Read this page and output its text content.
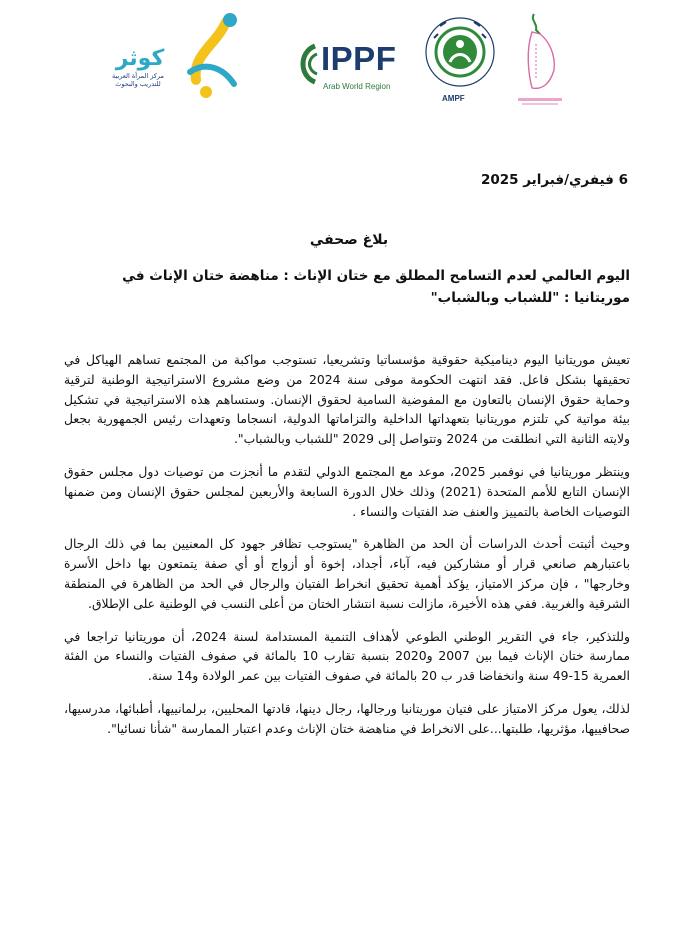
كوثر
مركز المرأة العربية
للتدريب والبحوث
IPPF
Arab World Region
AMPF
6 فيفري/فبراير 2025
بلاغ صحفي
اليوم العالمي لعدم التسامح المطلق مع ختان الإناث : مناهضة ختان الإناث في موريتانيا : "للشباب وبالشباب"

تعيش موريتانيا اليوم ديناميكية حقوقية مؤسساتيا وتشريعيا، تستوجب مواكبة من المجتمع تساهم الهياكل في تحقيقها بشكل فاعل. فقد انتهت الحكومة موفى سنة 2024 من وضع مشروع الاستراتيجية الوطنية لترقية وحماية حقوق الإنسان بالتعاون مع المفوضية السامية لحقوق الإنسان. وستساهم هذه الاستراتيجية في تشكيل بيئة مواتية كي تلتزم موريتانيا بتعهداتها الداخلية والتزاماتها الدولية، انسجاما وتعهدات رئيس الجمهورية بجعل ولايته الثانية التي انطلقت من 2024 وتتواصل إلى 2029 "للشباب وبالشباب".

وينتظر موريتانيا في نوفمبر 2025، موعد مع المجتمع الدولي لتقدم ما أنجزت من توصيات دول مجلس حقوق الإنسان التابع للأمم المتحدة (2021) وذلك خلال الدورة السابعة والأربعين لمجلس حقوق الإنسان ومن ضمنها التوصيات الخاصة بالتمييز والعنف ضد الفتيات والنساء .

وحيث أثبتت أحدث الدراسات أن الحد من الظاهرة "يستوجب تظافر جهود كل المعنيين بما في ذلك الرجال باعتبارهم صانعي قرار أو مشاركين فيه، آباء، أجداد، إخوة أو أزواج أو أي صفة يتمتعون بها داخل الأسرة وخارجها" ، فإن مركز الامتياز، يؤكد أهمية تحقيق انخراط الفتيان والرجال في الحد من الظاهرة في المنطقة الشرقية والغربية. ففي هذه الأخيرة، مازالت نسبة انتشار الختان من أعلى النسب في الوطنية على الإطلاق.

وللتذكير، جاء في التقرير الوطني الطوعي لأهداف التنمية المستدامة لسنة 2024، أن موريتانيا تراجعا في ممارسة ختان الإناث فيما بين 2007 و2020 بنسبة تقارب 10 بالمائة في صفوف الفتيات والنساء من الفئة العمرية 15-49 سنة وانخفاضا قدر ب 20 بالمائة في صفوف الفتيات بين عمر الولادة و14 سنة.

لذلك، يعول مركز الامتياز على فتيان موريتانيا ورجالها، رجال دينها، قادتها المحليين، برلمانييها، أطبائها، مدرسيها، صحافييها، مؤثريها، طلبتها...على الانخراط في مناهضة ختان الإناث وعدم اعتبار الممارسة "شأنا نسائيا".
